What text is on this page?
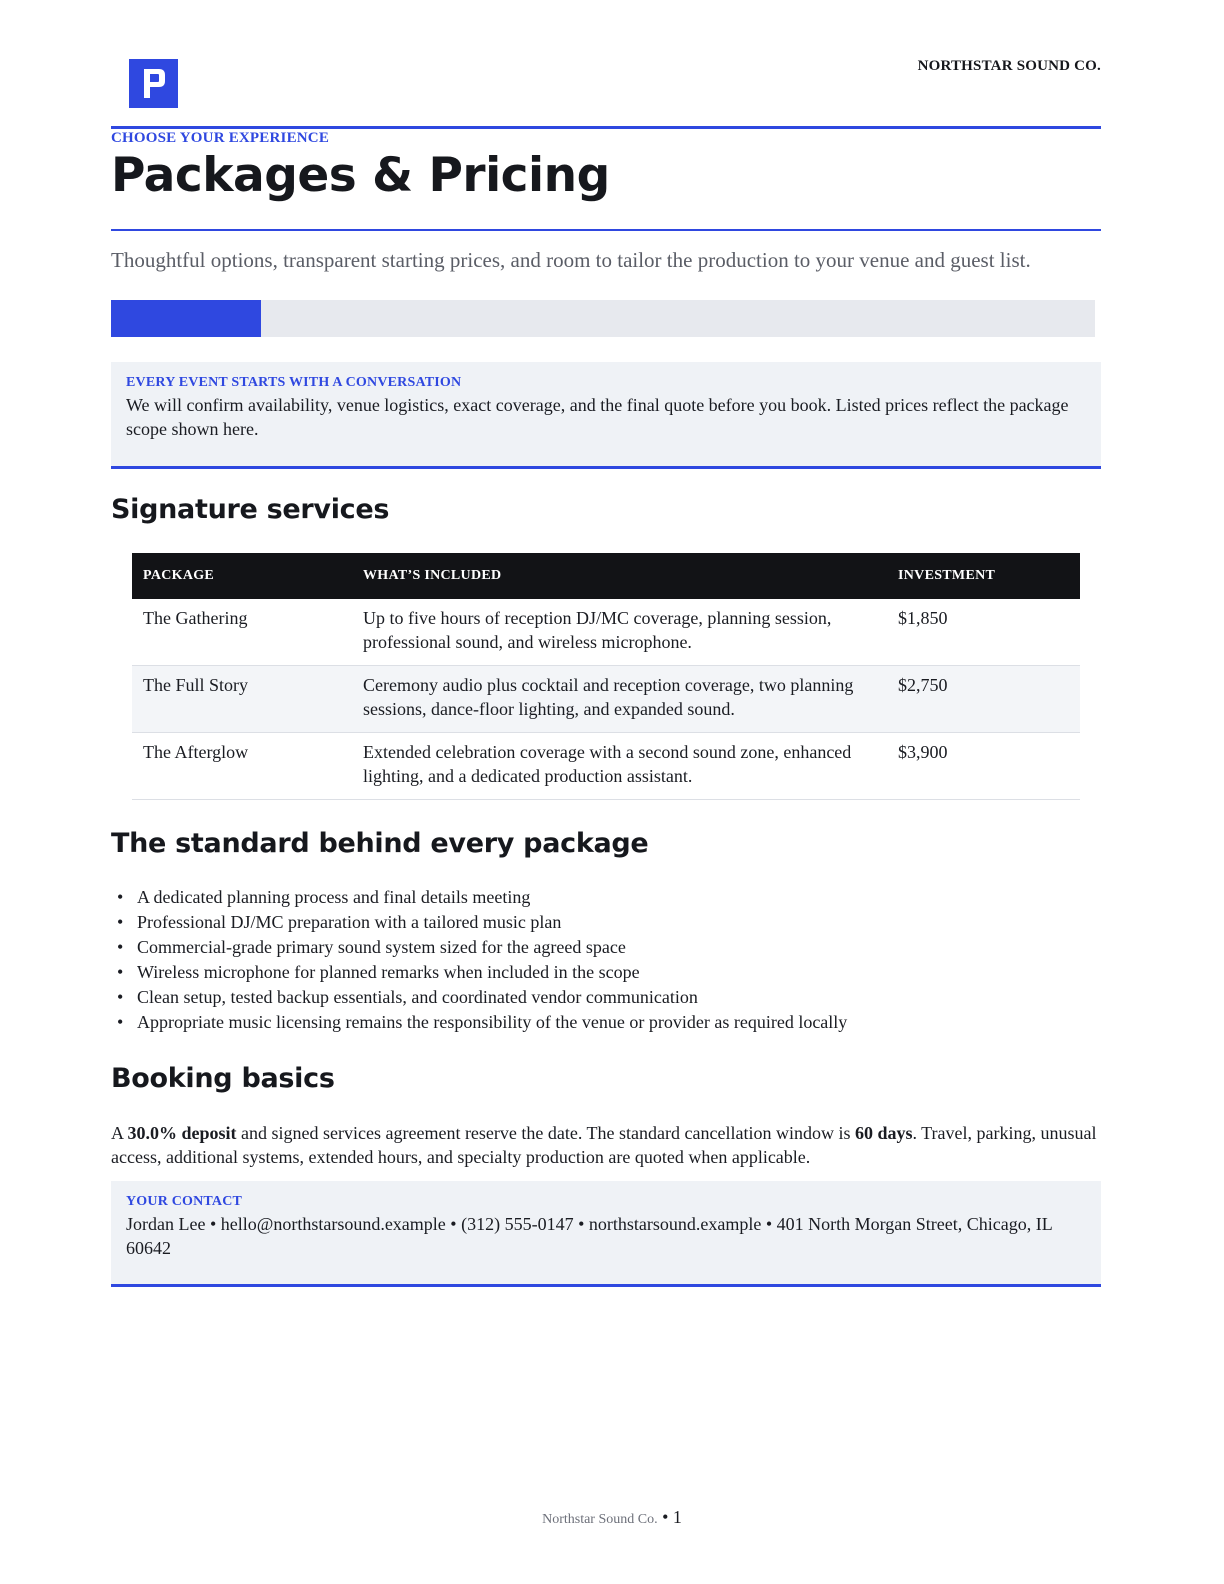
NORTHSTAR SOUND CO.
CHOOSE YOUR EXPERIENCE
Packages & Pricing
Thoughtful options, transparent starting prices, and room to tailor the production to your venue and guest list.
EVERY EVENT STARTS WITH A CONVERSATION
We will confirm availability, venue logistics, exact coverage, and the final quote before you book. Listed prices reflect the package scope shown here.
Signature services
PACKAGE	WHAT’S INCLUDED	INVESTMENT
The Gathering	Up to five hours of reception DJ/MC coverage, planning session, professional sound, and wireless microphone.	$1,850
The Full Story	Ceremony audio plus cocktail and reception coverage, two planning sessions, dance-floor lighting, and expanded sound.	$2,750
The Afterglow	Extended celebration coverage with a second sound zone, enhanced lighting, and a dedicated production assistant.	$3,900
The standard behind every package
• A dedicated planning process and final details meeting
• Professional DJ/MC preparation with a tailored music plan
• Commercial-grade primary sound system sized for the agreed space
• Wireless microphone for planned remarks when included in the scope
• Clean setup, tested backup essentials, and coordinated vendor communication
• Appropriate music licensing remains the responsibility of the venue or provider as required locally
Booking basics
A 30.0% deposit and signed services agreement reserve the date. The standard cancellation window is 60 days. Travel, parking, unusual access, additional systems, extended hours, and specialty production are quoted when applicable.
YOUR CONTACT
Jordan Lee • hello@northstarsound.example • (312) 555-0147 • northstarsound.example • 401 North Morgan Street, Chicago, IL 60642
Northstar Sound Co. • 1
